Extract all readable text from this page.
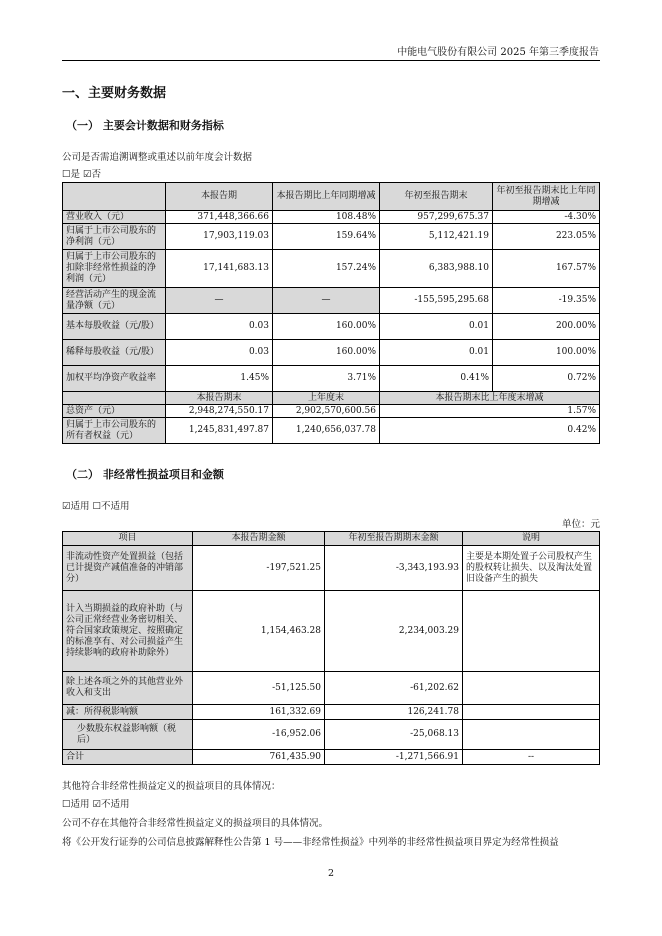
中能电气股份有限公司 2025 年第三季度报告
一、主要财务数据
（一） 主要会计数据和财务指标
公司是否需追溯调整或重述以前年度会计数据
☐是 ☑否
	本报告期	本报告期比上年同期增减	年初至报告期末	年初至报告期末比上年同期增减
营业收入（元）	371,448,366.66	108.48%	957,299,675.37	-4.30%
归属于上市公司股东的净利润（元）	17,903,119.03	159.64%	5,112,421.19	223.05%
归属于上市公司股东的扣除非经常性损益的净利润（元）	17,141,683.13	157.24%	6,383,988.10	167.57%
经营活动产生的现金流量净额（元）	—	—	-155,595,295.68	-19.35%
基本每股收益（元/股）	0.03	160.00%	0.01	200.00%
稀释每股收益（元/股）	0.03	160.00%	0.01	100.00%
加权平均净资产收益率	1.45%	3.71%	0.41%	0.72%
	本报告期末	上年度末	本报告期末比上年度末增减	
总资产（元）	2,948,274,550.17	2,902,570,600.56	1.57%	
归属于上市公司股东的所有者权益（元）	1,245,831,497.87	1,240,656,037.78	0.42%	
（二） 非经常性损益项目和金额
☑适用 ☐不适用
单位：元
项目	本报告期金额	年初至报告期期末金额	说明
非流动性资产处置损益（包括已计提资产减值准备的冲销部分）	-197,521.25	-3,343,193.93	主要是本期处置子公司股权产生的股权转让损失、以及淘汰处置旧设备产生的损失
计入当期损益的政府补助（与公司正常经营业务密切相关、符合国家政策规定、按照确定的标准享有、对公司损益产生持续影响的政府补助除外）	1,154,463.28	2,234,003.29	
除上述各项之外的其他营业外收入和支出	-51,125.50	-61,202.62	
减：所得税影响额	161,332.69	126,241.78	
少数股东权益影响额（税后）	-16,952.06	-25,068.13	
合计	761,435.90	-1,271,566.91	--
其他符合非经常性损益定义的损益项目的具体情况：
☐适用 ☑不适用
公司不存在其他符合非经常性损益定义的损益项目的具体情况。
将《公开发行证券的公司信息披露解释性公告第 1 号——非经常性损益》中列举的非经常性损益项目界定为经常性损益
2
